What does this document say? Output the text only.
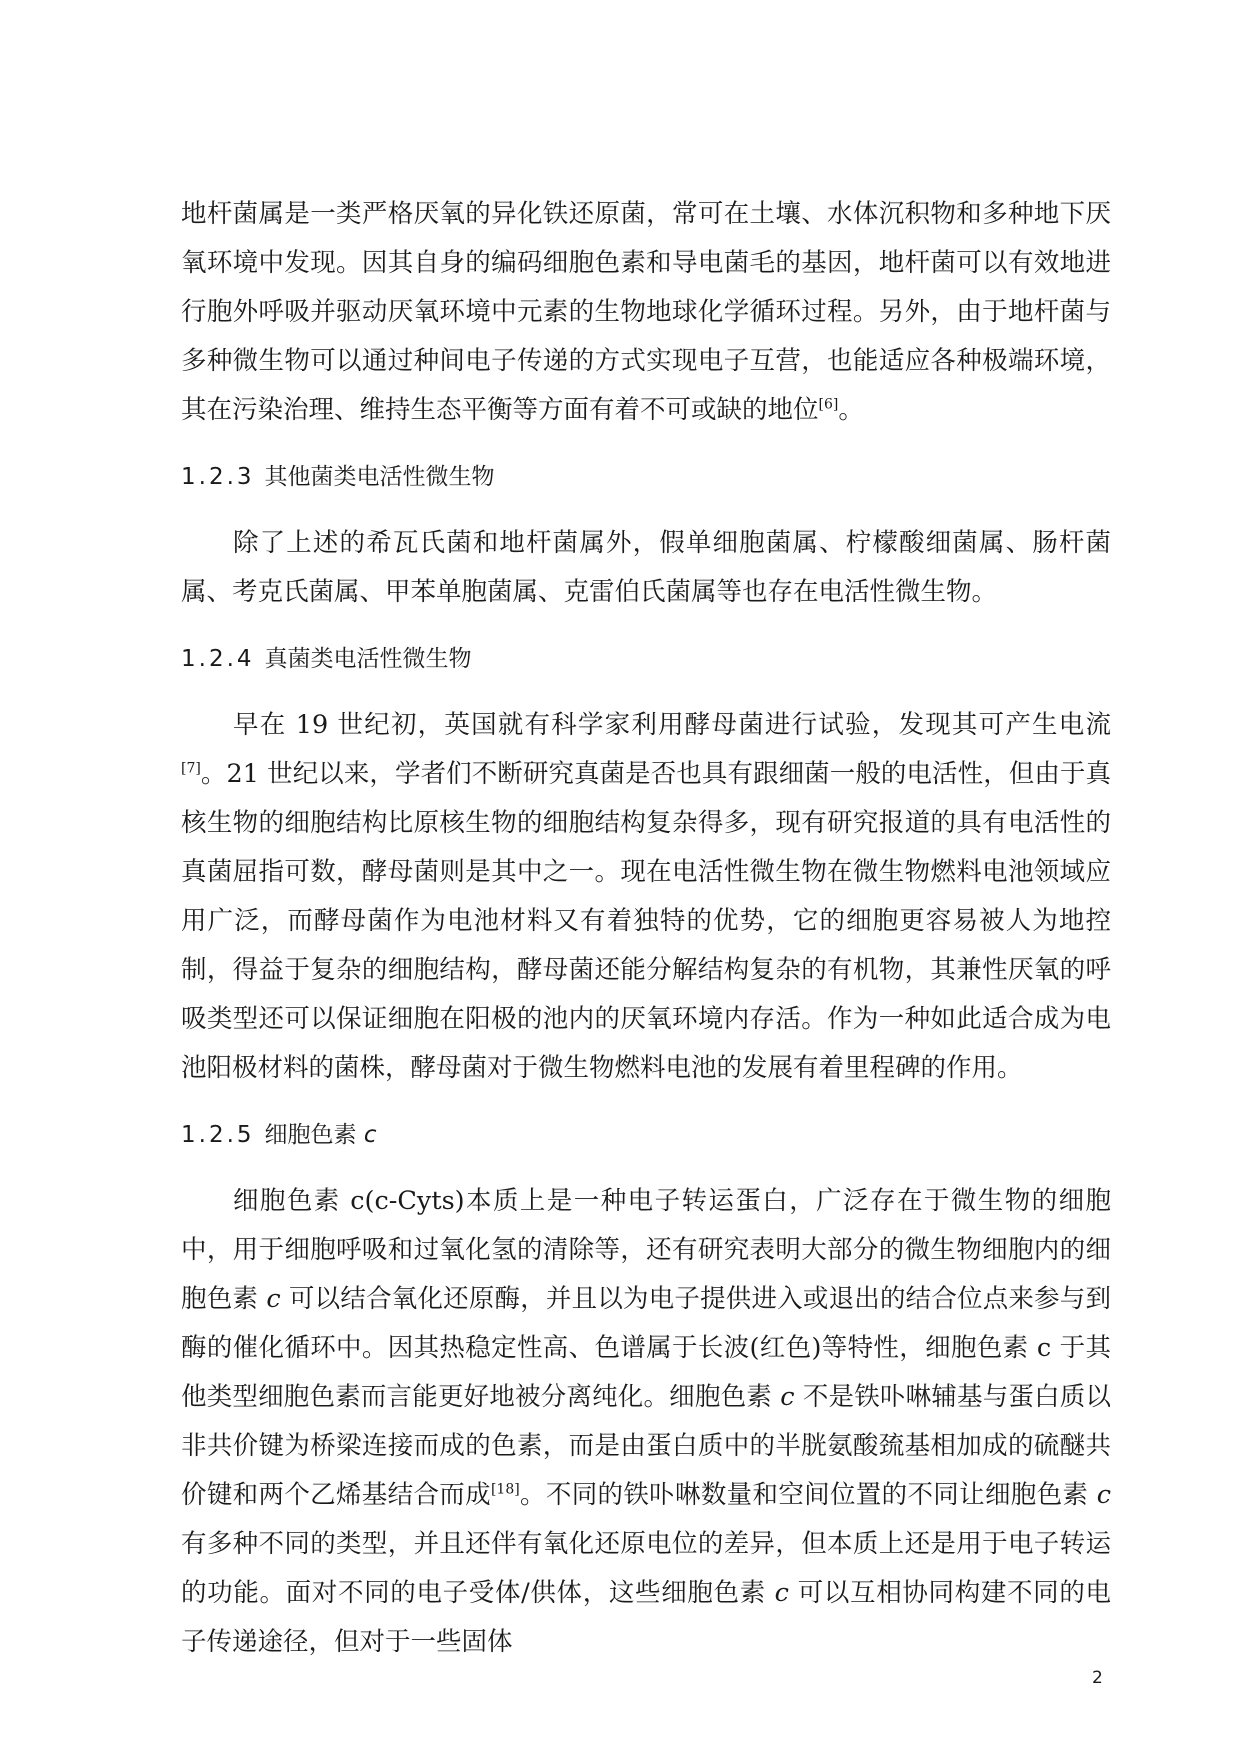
地杆菌属是一类严格厌氧的异化铁还原菌，常可在土壤、水体沉积物和多种地下厌氧环境中发现。因其自身的编码细胞色素和导电菌毛的基因，地杆菌可以有效地进行胞外呼吸并驱动厌氧环境中元素的生物地球化学循环过程。另外，由于地杆菌与多种微生物可以通过种间电子传递的方式实现电子互营，也能适应各种极端环境，其在污染治理、维持生态平衡等方面有着不可或缺的地位[6]。

1.2.3 其他菌类电活性微生物

除了上述的希瓦氏菌和地杆菌属外，假单细胞菌属、柠檬酸细菌属、肠杆菌属、考克氏菌属、甲苯单胞菌属、克雷伯氏菌属等也存在电活性微生物。

1.2.4 真菌类电活性微生物

早在 19 世纪初，英国就有科学家利用酵母菌进行试验，发现其可产生电流[7]。21 世纪以来，学者们不断研究真菌是否也具有跟细菌一般的电活性，但由于真核生物的细胞结构比原核生物的细胞结构复杂得多，现有研究报道的具有电活性的真菌屈指可数，酵母菌则是其中之一。现在电活性微生物在微生物燃料电池领域应用广泛，而酵母菌作为电池材料又有着独特的优势，它的细胞更容易被人为地控制，得益于复杂的细胞结构，酵母菌还能分解结构复杂的有机物，其兼性厌氧的呼吸类型还可以保证细胞在阳极的池内的厌氧环境内存活。作为一种如此适合成为电池阳极材料的菌株，酵母菌对于微生物燃料电池的发展有着里程碑的作用。

1.2.5 细胞色素 c

细胞色素 c(c-Cyts)本质上是一种电子转运蛋白，广泛存在于微生物的细胞中，用于细胞呼吸和过氧化氢的清除等，还有研究表明大部分的微生物细胞内的细胞色素 c 可以结合氧化还原酶，并且以为电子提供进入或退出的结合位点来参与到酶的催化循环中。因其热稳定性高、色谱属于长波(红色)等特性，细胞色素 c 于其他类型细胞色素而言能更好地被分离纯化。细胞色素 c 不是铁卟啉辅基与蛋白质以非共价键为桥梁连接而成的色素，而是由蛋白质中的半胱氨酸巯基相加成的硫醚共价键和两个乙烯基结合而成[18]。不同的铁卟啉数量和空间位置的不同让细胞色素 c 有多种不同的类型，并且还伴有氧化还原电位的差异，但本质上还是用于电子转运的功能。面对不同的电子受体/供体，这些细胞色素 c 可以互相协同构建不同的电子传递途径，但对于一些固体

2
